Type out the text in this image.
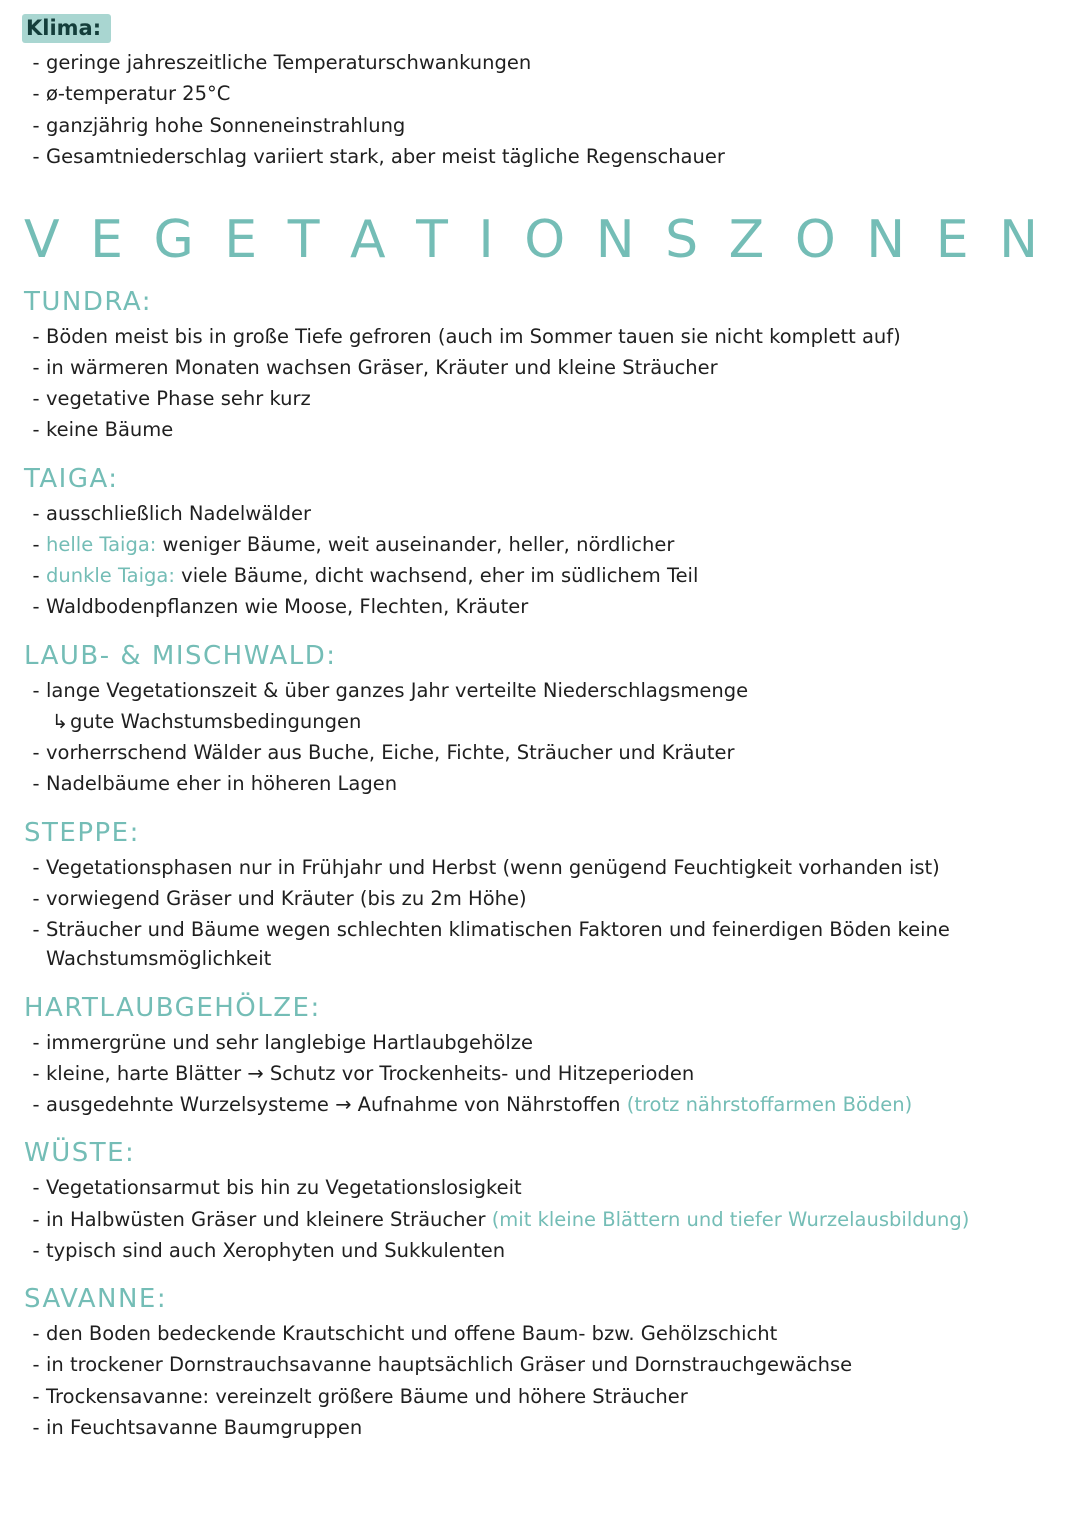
Klima:
- geringe jahreszeitliche Temperaturschwankungen
- ø-temperatur 25°C
- ganzjährig hohe Sonneneinstrahlung
- Gesamtniederschlag variiert stark, aber meist tägliche Regenschauer
V E G E T A T I O N S Z O N E N
TUNDRA:
- Böden meist bis in große Tiefe gefroren (auch im Sommer tauen sie nicht komplett auf)
- in wärmeren Monaten wachsen Gräser, Kräuter und kleine Sträucher
- vegetative Phase sehr kurz
- keine Bäume
TAIGA:
- ausschließlich Nadelwälder
- helle Taiga: weniger Bäume, weit auseinander, heller, nördlicher
- dunkle Taiga: viele Bäume, dicht wachsend, eher im südlichem Teil
- Waldbodenpflanzen wie Moose, Flechten, Kräuter
LAUB- & MISCHWALD:
- lange Vegetationszeit & über ganzes Jahr verteilte Niederschlagsmenge
↳ gute Wachstumsbedingungen
- vorherrschend Wälder aus Buche, Eiche, Fichte, Sträucher und Kräuter
- Nadelbäume eher in höheren Lagen
STEPPE:
- Vegetationsphasen nur in Frühjahr und Herbst (wenn genügend Feuchtigkeit vorhanden ist)
- vorwiegend Gräser und Kräuter (bis zu 2m Höhe)
- Sträucher und Bäume wegen schlechten klimatischen Faktoren und feinerdigen Böden keine Wachstumsmöglichkeit
HARTLAUBGEHÖLZE:
- immergrüne und sehr langlebige Hartlaubgehölze
- kleine, harte Blätter → Schutz vor Trockenheits- und Hitzeperioden
- ausgedehnte Wurzelsysteme → Aufnahme von Nährstoffen (trotz nährstoffarmen Böden)
WÜSTE:
- Vegetationsarmut bis hin zu Vegetationslosigkeit
- in Halbwüsten Gräser und kleinere Sträucher (mit kleine Blättern und tiefer Wurzelausbildung)
- typisch sind auch Xerophyten und Sukkulenten
SAVANNE:
- den Boden bedeckende Krautschicht und offene Baum- bzw. Gehölzschicht
- in trockener Dornstrauchsavanne hauptsächlich Gräser und Dornstrauchgewächse
- Trockensavanne: vereinzelt größere Bäume und höhere Sträucher
- in Feuchtsavanne Baumgruppen
